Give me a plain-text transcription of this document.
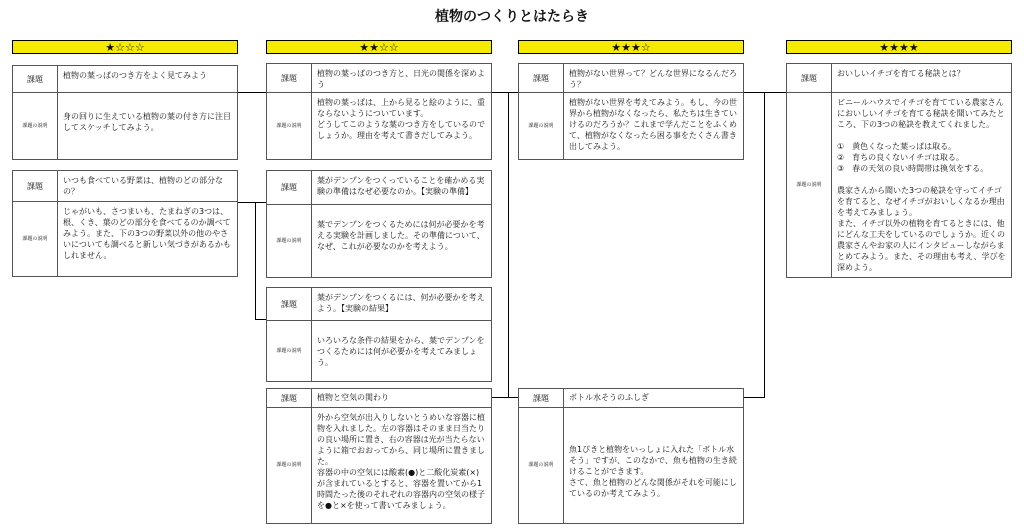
植物のつくりとはたらき
★☆☆☆	★★☆☆	★★★☆	★★★★
課題	植物の葉っぱのつき方をよく見てみよう
課題の説明
身の回りに生えている植物の葉の付き方に注目してスケッチしてみよう。
課題
いつも食べている野菜は、植物のどの部分なの？
課題の説明
じゃがいも、さつまいも、たまねぎの3つは、根、くき、葉のどの部分を食べてるのか調べてみよう。また、下の3つの野菜以外の他のやさいについても調べると新しい気づきがあるかもしれません。
課題	植物の葉っぱのつき方と、日光の関係を深めよう
課題の説明
植物の葉っぱは、上から見ると絵のように、重ならないようについています。
どうしてこのような葉のつき方をしているのでしょうか。理由を考えて書きだしてみよう。
課題
葉がデンプンをつくっていることを確かめる実験の準備はなぜ必要なのか。【実験の準備】
課題の説明
葉でデンプンをつくるためには何が必要かを考える実験を計画しました。その準備について、なぜ、これが必要なのかを考えよう。
課題
葉がデンプンをつくるには、何が必要かを考えよう。【実験の結果】
課題の説明
いろいろな条件の結果をから、葉でデンプンをつくるためには何が必要かを考えてみましょう。
課題	植物と空気の関わり
課題の説明
外から空気が出入りしないとうめいな容器に植物を入れました。左の容器はそのまま日当たりの良い場所に置き、右の容器は光が当たらないように箱でおおってから、同じ場所に置きました。
容器の中の空気には酸素(●)と二酸化炭素(×)が含まれているとすると、容器を置いてから1時間たった後のそれぞれの容器内の空気の様子を●と×を使って書いてみましょう。
課題	植物がない世界って？どんな世界になるんだろう？
課題の説明
植物がない世界を考えてみよう。もし、今の世界から植物がなくなったら、私たちは生きていけるのだろうか？これまで学んだことをふくめて、植物がなくなったら困る事をたくさん書き出してみよう。
課題	ボトル水そうのふしぎ
課題の説明
魚1ぴきと植物をいっしょに入れた「ボトル水そう」ですが、このなかで、魚も植物の生き続けることができます。
さて、魚と植物のどんな関係がそれを可能にしているのか考えてみよう。
課題	おいしいイチゴを育てる秘訣とは？
課題の説明
ビニールハウスでイチゴを育てている農家さんにおいしいイチゴを育てる秘訣を聞いてみたところ、下の3つの秘訣を教えてくれました。

①　黄色くなった葉っぱは取る。
②　育ちの良くないイチゴは取る。
③　春の天気の良い時間帯は換気をする。

農家さんから聞いた3つの秘訣を守ってイチゴを育てると、なぜイチゴがおいしくなるか理由を考えてみましょう。
また、イチゴ以外の植物を育てるときには、他にどんな工夫をしているのでしょうか。近くの農家さんやお家の人にインタビューしながらまとめてみよう。また、その理由も考え、学びを深めよう。
